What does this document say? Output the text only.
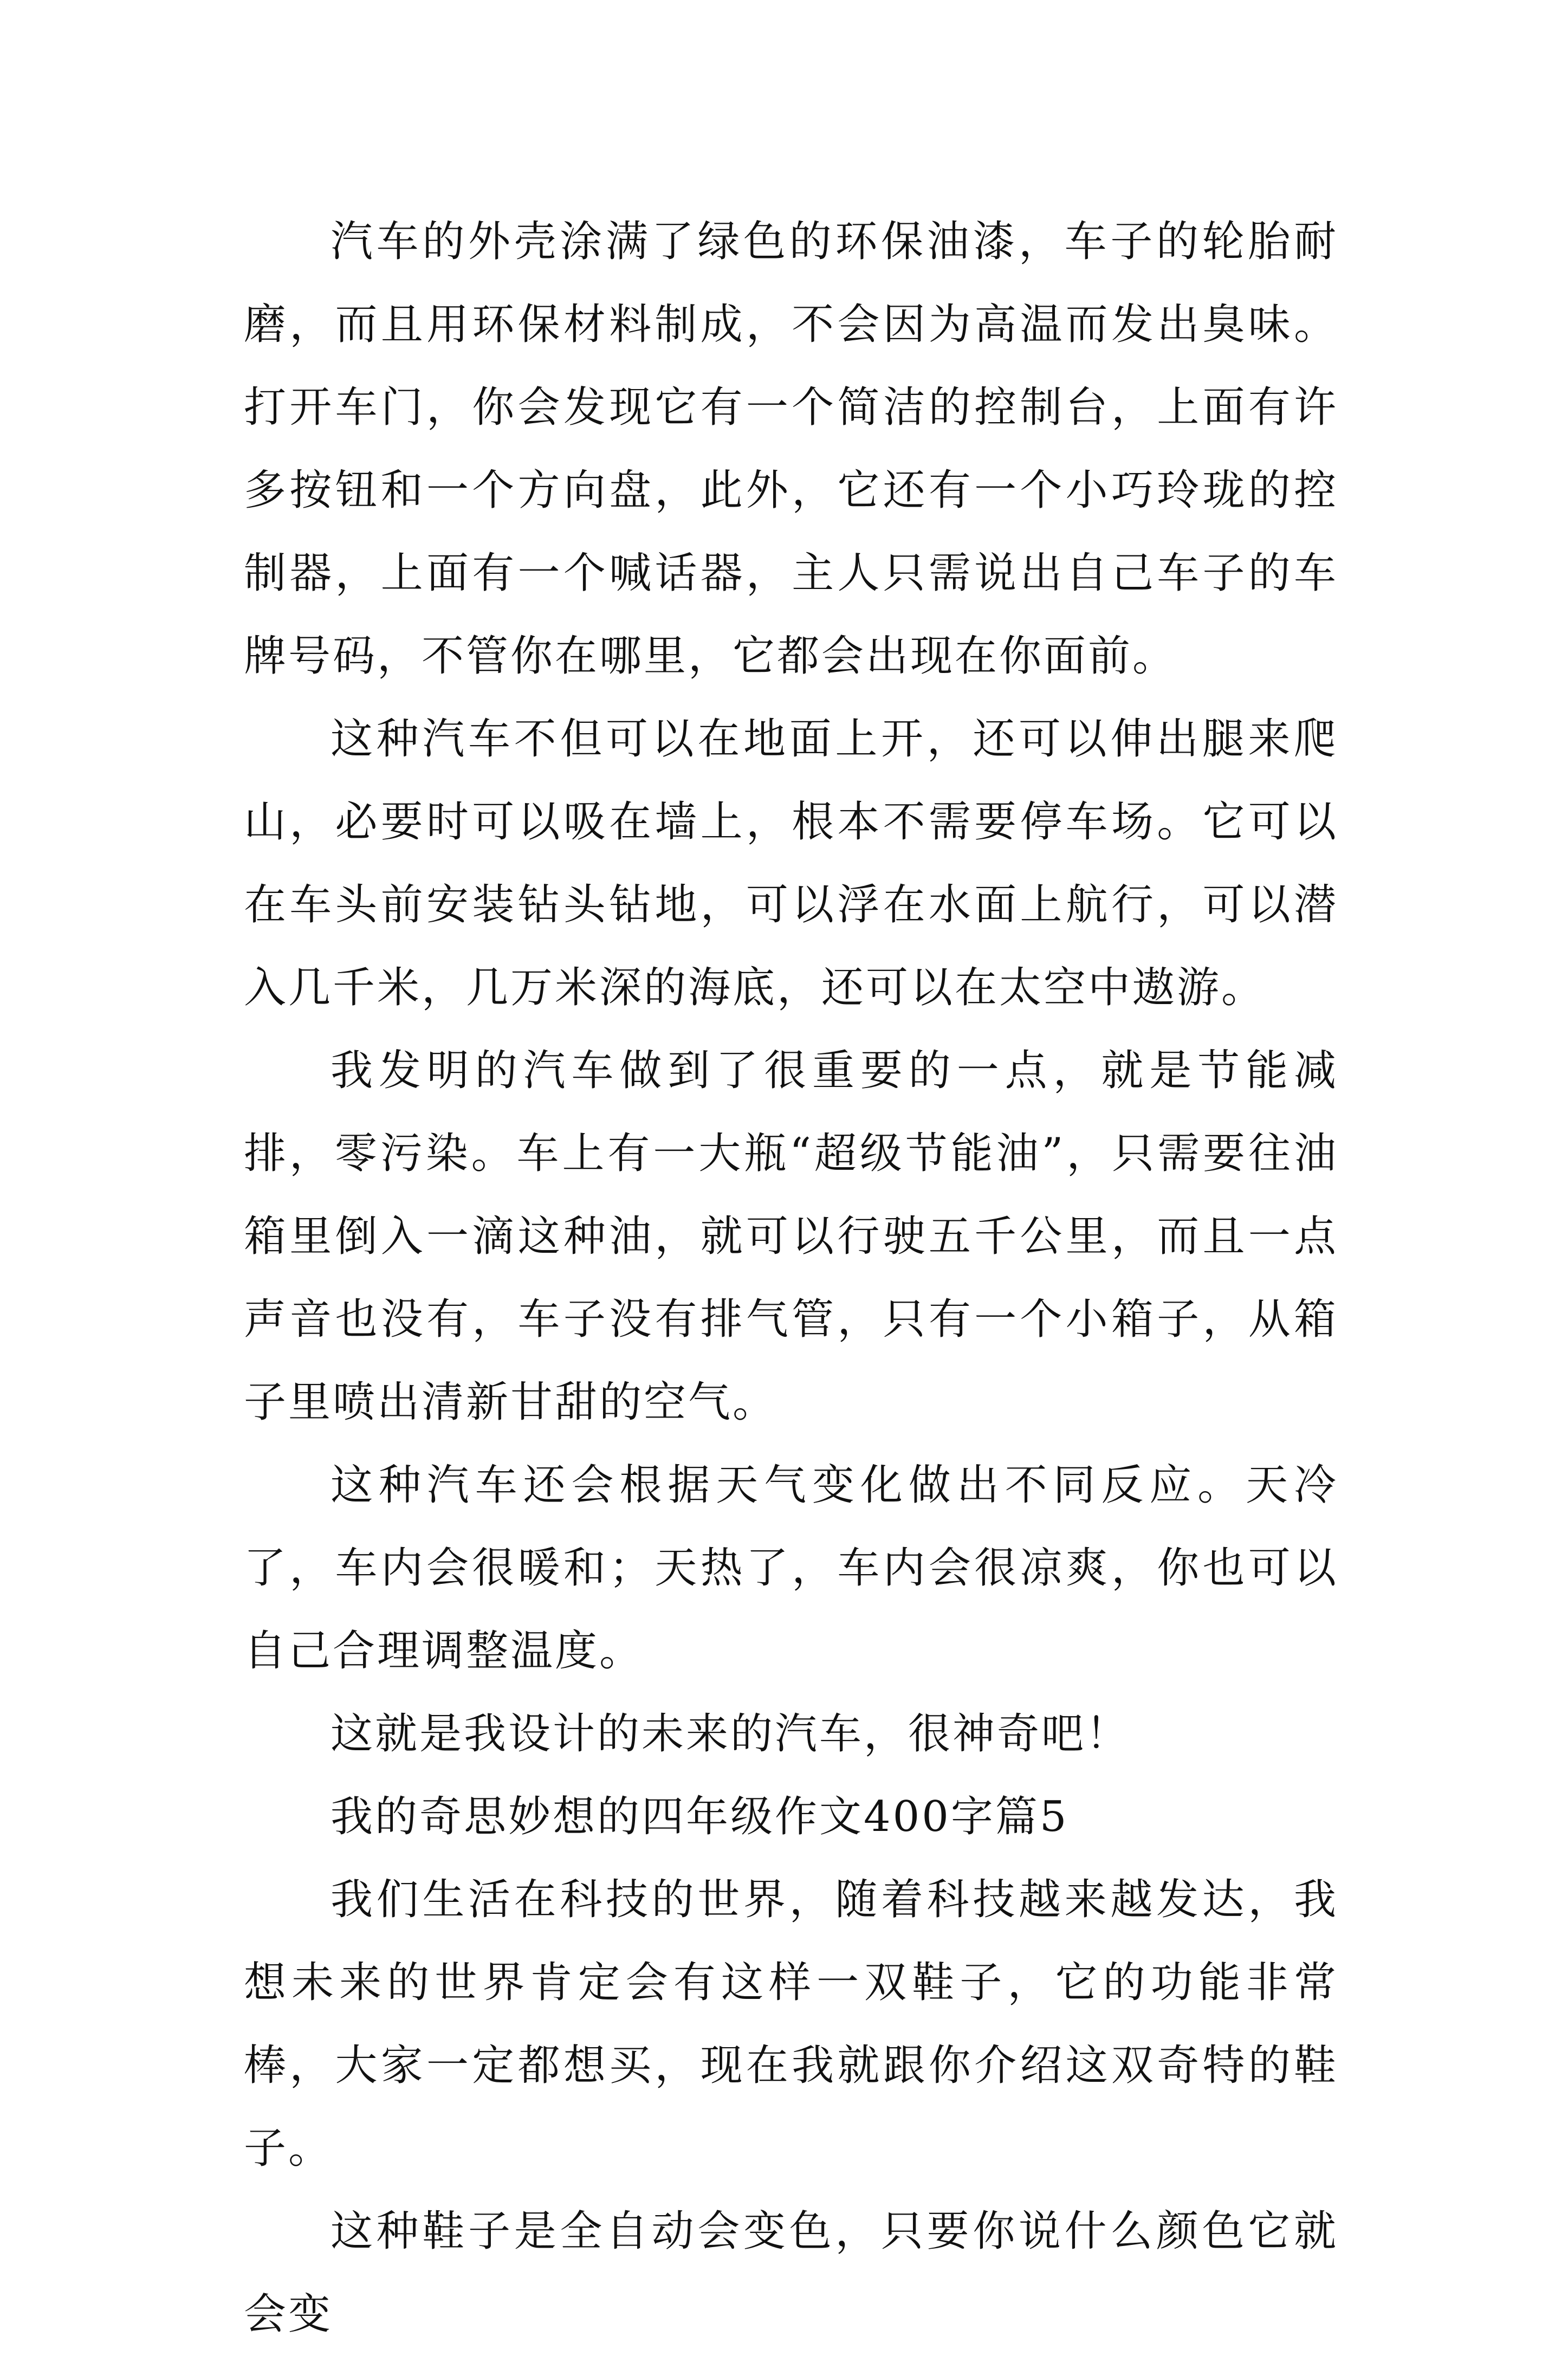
汽车的外壳涂满了绿色的环保油漆，车子的轮胎耐磨，而且用环保材料制成，不会因为高温而发出臭味。打开车门，你会发现它有一个简洁的控制台，上面有许多按钮和一个方向盘，此外，它还有一个小巧玲珑的控制器，上面有一个喊话器，主人只需说出自己车子的车牌号码，不管你在哪里，它都会出现在你面前。

这种汽车不但可以在地面上开，还可以伸出腿来爬山，必要时可以吸在墙上，根本不需要停车场。它可以在车头前安装钻头钻地，可以浮在水面上航行，可以潜入几千米，几万米深的海底，还可以在太空中遨游。

我发明的汽车做到了很重要的一点，就是节能减排，零污染。车上有一大瓶“超级节能油”，只需要往油箱里倒入一滴这种油，就可以行驶五千公里，而且一点声音也没有，车子没有排气管，只有一个小箱子，从箱子里喷出清新甘甜的空气。

这种汽车还会根据天气变化做出不同反应。天冷了，车内会很暖和；天热了，车内会很凉爽，你也可以自己合理调整温度。

这就是我设计的未来的汽车，很神奇吧！

我的奇思妙想的四年级作文400字篇5

我们生活在科技的世界，随着科技越来越发达，我想未来的世界肯定会有这样一双鞋子，它的功能非常棒，大家一定都想买，现在我就跟你介绍这双奇特的鞋子。

这种鞋子是全自动会变色，只要你说什么颜色它就会变
